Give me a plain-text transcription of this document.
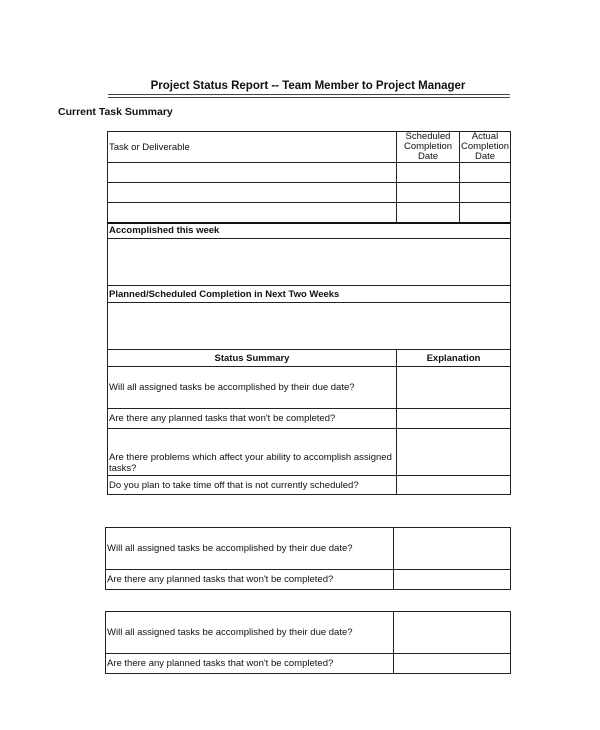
Project Status Report -- Team Member to Project Manager
Current Task Summary
Task or Deliverable	Scheduled Completion Date	Actual Completion Date

Accomplished this week		

Planned/Scheduled Completion in Next Two Weeks		

Status Summary	Explanation	
Will all assigned tasks be accomplished by their due date?		
Are there any planned tasks that won't be completed?		
Are there problems which affect your ability to accomplish assigned tasks?		
Do you plan to take time off that is not currently scheduled?		
Will all assigned tasks be accomplished by their due date?	
Are there any planned tasks that won't be completed?	
Will all assigned tasks be accomplished by their due date?	
Are there any planned tasks that won't be completed?	
